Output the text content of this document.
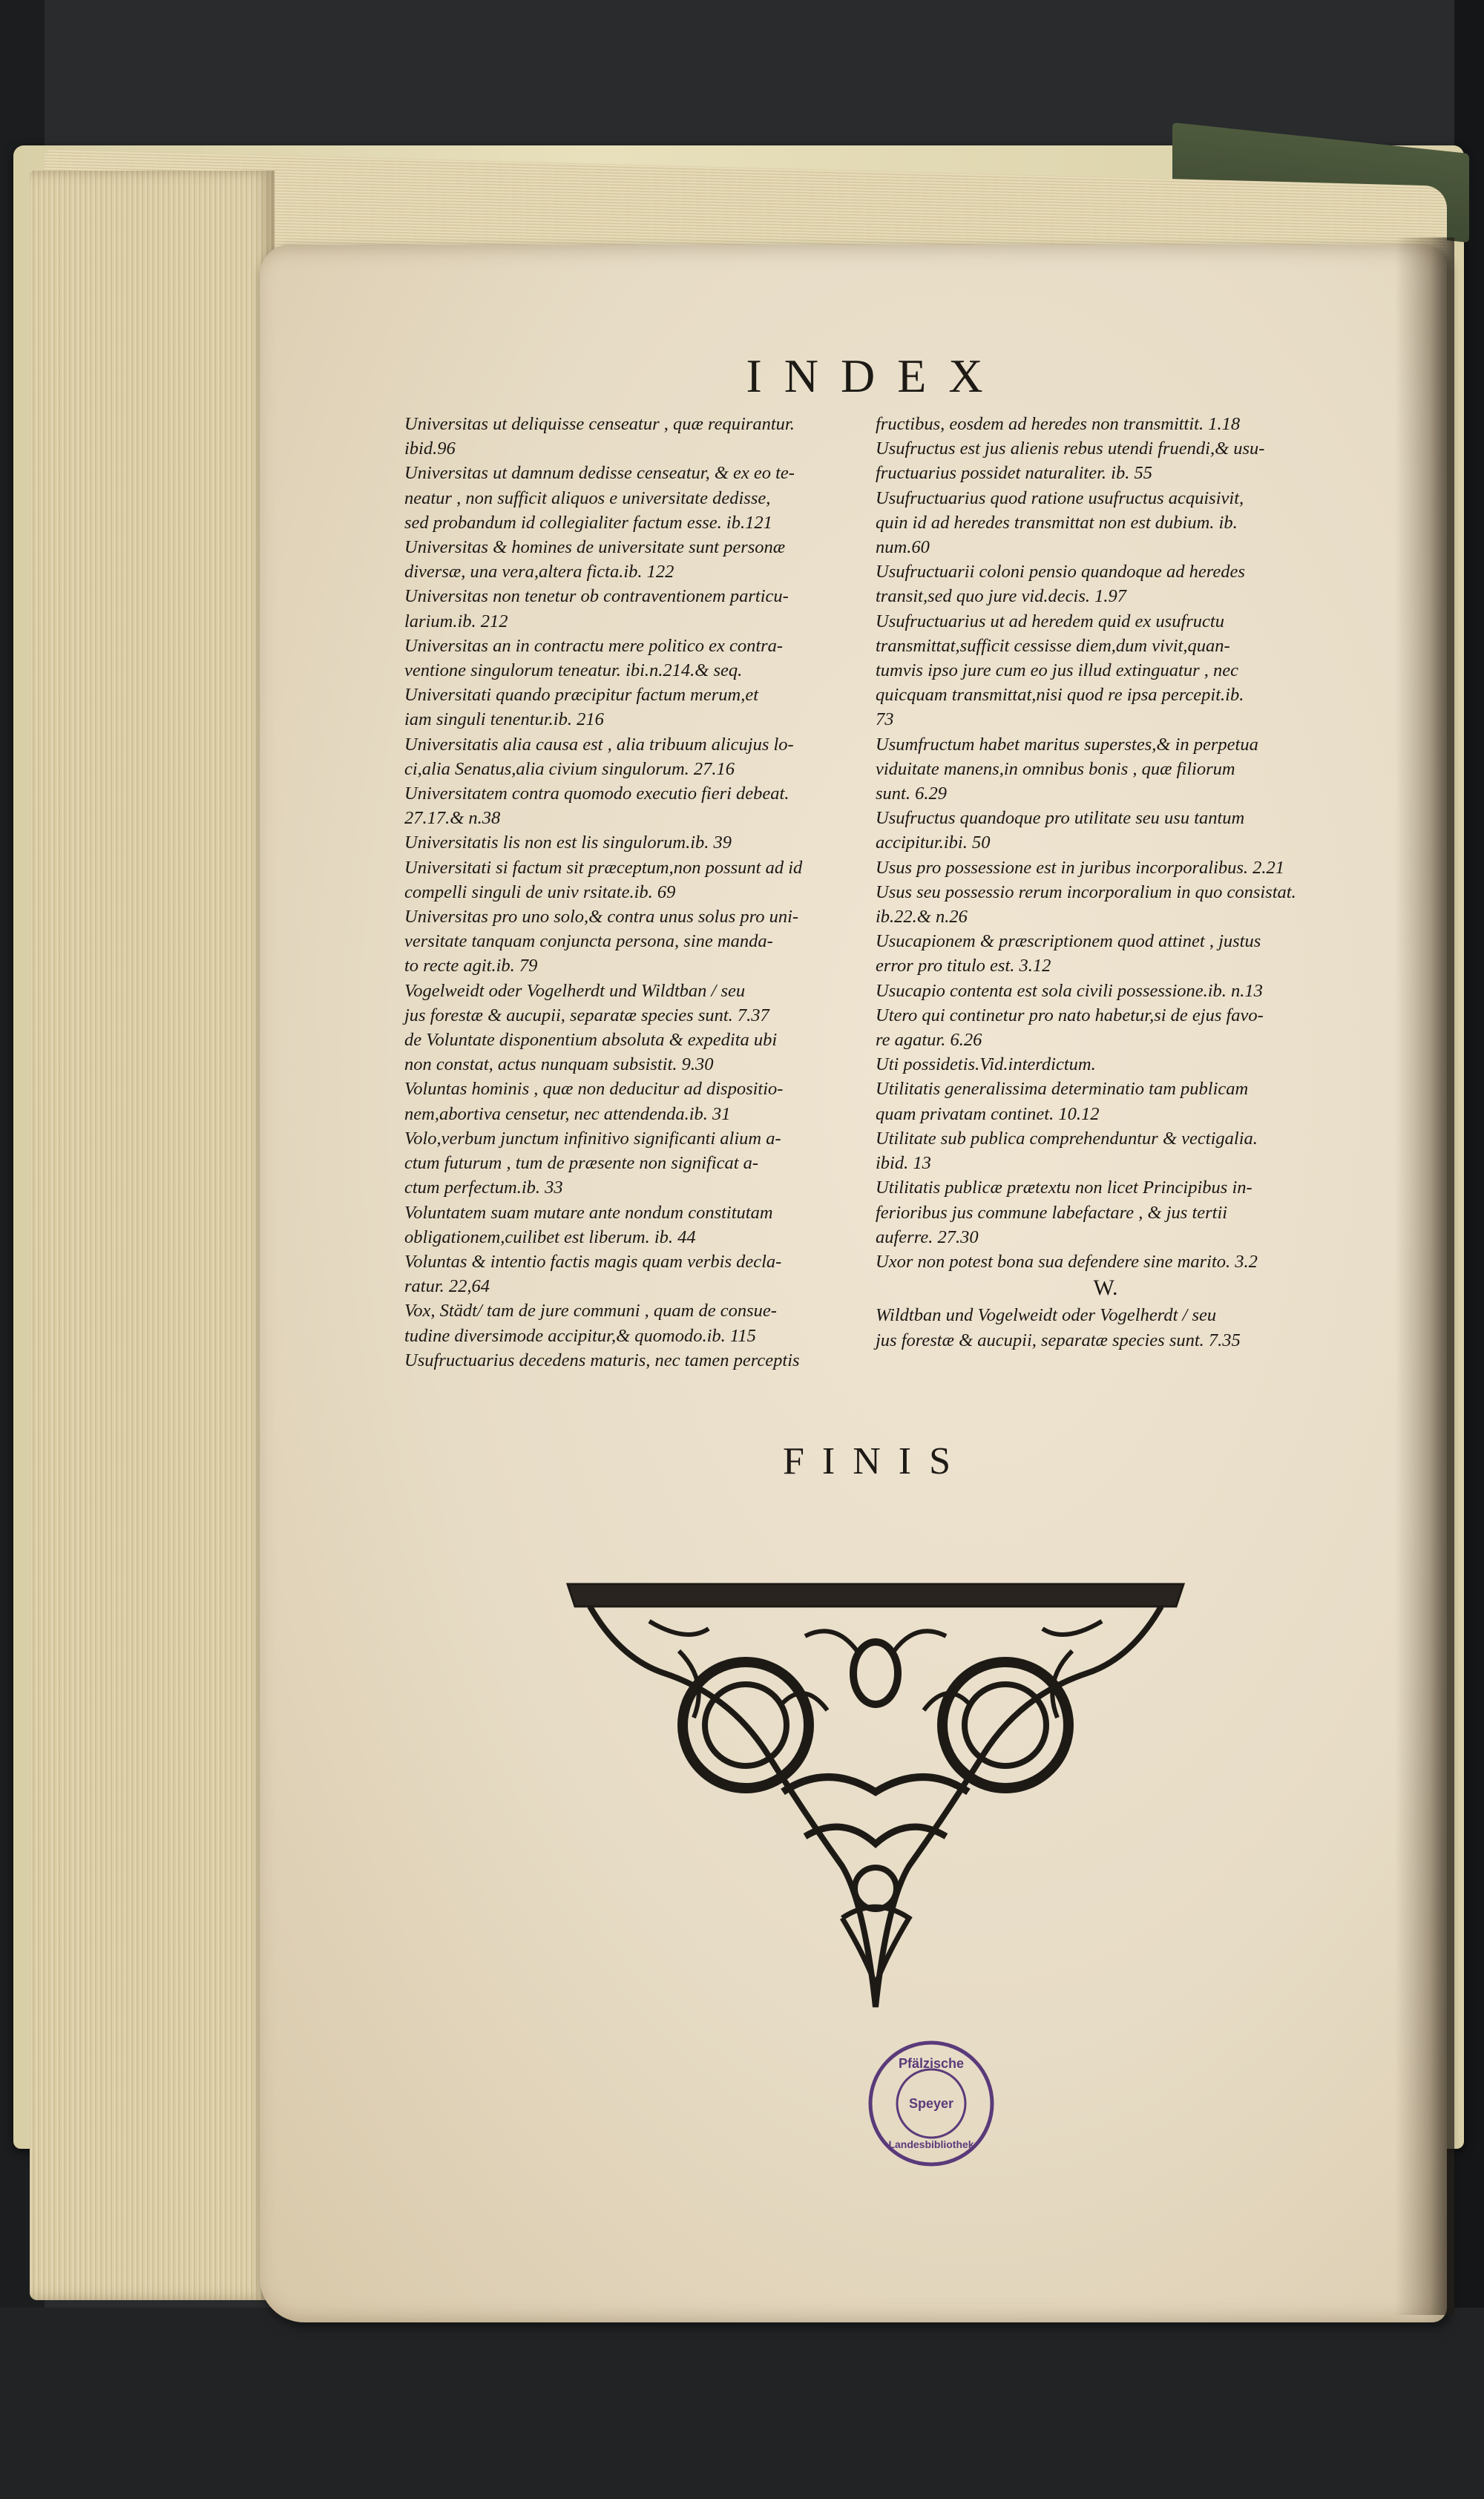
INDEX

Universitas ut deliquisse censeatur , quæ requirantur.
ibid.96

Universitas ut damnum dedisse censeatur, & ex eo te-
neatur , non sufficit aliquos e universitate dedisse,
sed probandum id collegialiter factum esse. ib.121

Universitas & homines de universitate sunt personæ
diversæ, una vera,altera ficta.ib. 122

Universitas non tenetur ob contraventionem particu-
larium.ib. 212

Universitas an in contractu mere politico ex contra-
ventione singulorum teneatur. ibi.n.214.& seq.

Universitati quando præcipitur factum merum,et
iam singuli tenentur.ib. 216

Universitatis alia causa est , alia tribuum alicujus lo-
ci,alia Senatus,alia civium singulorum. 27.16

Universitatem contra quomodo executio fieri debeat.
27.17.& n.38

Universitatis lis non est lis singulorum.ib. 39

Universitati si factum sit præceptum,non possunt ad id
compelli singuli de univ rsitate.ib. 69

Universitas pro uno solo,& contra unus solus pro uni-
versitate tanquam conjuncta persona, sine manda-
to recte agit.ib. 79

Vogelweidt oder Vogelherdt und Wildtban / seu
jus forestæ & aucupii, separatæ species sunt. 7.37

de Voluntate disponentium absoluta & expedita ubi
non constat, actus nunquam subsistit. 9.30

Voluntas hominis , quæ non deducitur ad dispositio-
nem,abortiva censetur, nec attendenda.ib. 31

Volo,verbum junctum infinitivo significanti alium a-
ctum futurum , tum de præsente non significat a-
ctum perfectum.ib. 33

Voluntatem suam mutare ante nondum constitutam
obligationem,cuilibet est liberum. ib. 44

Voluntas & intentio factis magis quam verbis decla-
ratur. 22,64

Vox, Städt/ tam de jure communi , quam de consue-
tudine diversimode accipitur,& quomodo.ib. 115

Usufructuarius decedens maturis, nec tamen perceptis

fructibus, eosdem ad heredes non transmittit. 1.18

Usufructus est jus alienis rebus utendi fruendi,& usu-
fructuarius possidet naturaliter. ib. 55

Usufructuarius quod ratione usufructus acquisivit,
quin id ad heredes transmittat non est dubium. ib.
num.60

Usufructuarii coloni pensio quandoque ad heredes
transit,sed quo jure vid.decis. 1.97

Usufructuarius ut ad heredem quid ex usufructu
transmittat,sufficit cessisse diem,dum vivit,quan-
tumvis ipso jure cum eo jus illud extinguatur , nec
quicquam transmittat,nisi quod re ipsa percepit.ib.
73

Usumfructum habet maritus superstes,& in perpetua
viduitate manens,in omnibus bonis , quæ filiorum
sunt. 6.29

Usufructus quandoque pro utilitate seu usu tantum
accipitur.ibi. 50

Usus pro possessione est in juribus incorporalibus. 2.21

Usus seu possessio rerum incorporalium in quo consistat.
ib.22.& n.26

Usucapionem & præscriptionem quod attinet , justus
error pro titulo est. 3.12

Usucapio contenta est sola civili possessione.ib. n.13

Utero qui continetur pro nato habetur,si de ejus favo-
re agatur. 6.26

Uti possidetis.Vid.interdictum.

Utilitatis generalissima determinatio tam publicam
quam privatam continet. 10.12

Utilitate sub publica comprehenduntur & vectigalia.
ibid. 13

Utilitatis publicæ prætextu non licet Principibus in-
ferioribus jus commune labefactare , & jus tertii
auferre. 27.30

Uxor non potest bona sua defendere sine marito. 3.2

W.

Wildtban und Vogelweidt oder Vogelherdt / seu
jus forestæ & aucupii, separatæ species sunt. 7.35

FINIS
Pfälzische
Speyer
Landesbibliothek
